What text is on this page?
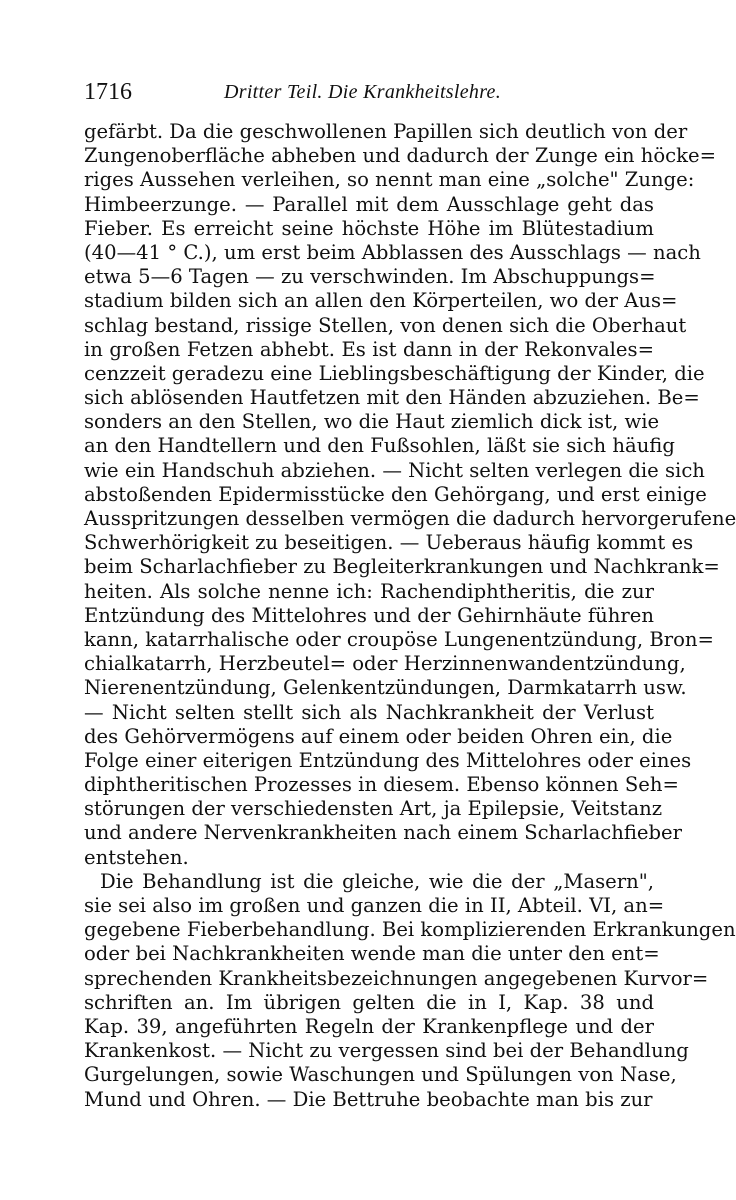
1716	Dritter Teil. Die Krankheitslehre.
gefärbt. Da die geschwollenen Papillen sich deutlich von der
Zungenoberfläche abheben und dadurch der Zunge ein höcke=
riges Aussehen verleihen, so nennt man eine „solche" Zunge:
Himbeerzunge. — Parallel mit dem Ausschlage geht das
Fieber. Es erreicht seine höchste Höhe im Blütestadium
(40—41 ° C.), um erst beim Abblassen des Ausschlags — nach
etwa 5—6 Tagen — zu verschwinden. Im Abschuppungs=
stadium bilden sich an allen den Körperteilen, wo der Aus=
schlag bestand, rissige Stellen, von denen sich die Oberhaut
in großen Fetzen abhebt. Es ist dann in der Rekonvales=
cenzzeit geradezu eine Lieblingsbeschäftigung der Kinder, die
sich ablösenden Hautfetzen mit den Händen abzuziehen. Be=
sonders an den Stellen, wo die Haut ziemlich dick ist, wie
an den Handtellern und den Fußsohlen, läßt sie sich häufig
wie ein Handschuh abziehen. — Nicht selten verlegen die sich
abstoßenden Epidermisstücke den Gehörgang, und erst einige
Ausspritzungen desselben vermögen die dadurch hervorgerufene
Schwerhörigkeit zu beseitigen. — Ueberaus häufig kommt es
beim Scharlachfieber zu Begleiterkrankungen und Nachkrank=
heiten. Als solche nenne ich: Rachendiphtheritis, die zur
Entzündung des Mittelohres und der Gehirnhäute führen
kann, katarrhalische oder croupöse Lungenentzündung, Bron=
chialkatarrh, Herzbeutel= oder Herzinnenwandentzündung,
Nierenentzündung, Gelenkentzündungen, Darmkatarrh usw.
— Nicht selten stellt sich als Nachkrankheit der Verlust
des Gehörvermögens auf einem oder beiden Ohren ein, die
Folge einer eiterigen Entzündung des Mittelohres oder eines
diphtheritischen Prozesses in diesem. Ebenso können Seh=
störungen der verschiedensten Art, ja Epilepsie, Veitstanz
und andere Nervenkrankheiten nach einem Scharlachfieber
entstehen.
Die Behandlung ist die gleiche, wie die der „Masern",
sie sei also im großen und ganzen die in II, Abteil. VI, an=
gegebene Fieberbehandlung. Bei komplizierenden Erkrankungen
oder bei Nachkrankheiten wende man die unter den ent=
sprechenden Krankheitsbezeichnungen angegebenen Kurvor=
schriften an. Im übrigen gelten die in I, Kap. 38 und
Kap. 39, angeführten Regeln der Krankenpflege und der
Krankenkost. — Nicht zu vergessen sind bei der Behandlung
Gurgelungen, sowie Waschungen und Spülungen von Nase,
Mund und Ohren. — Die Bettruhe beobachte man bis zur
